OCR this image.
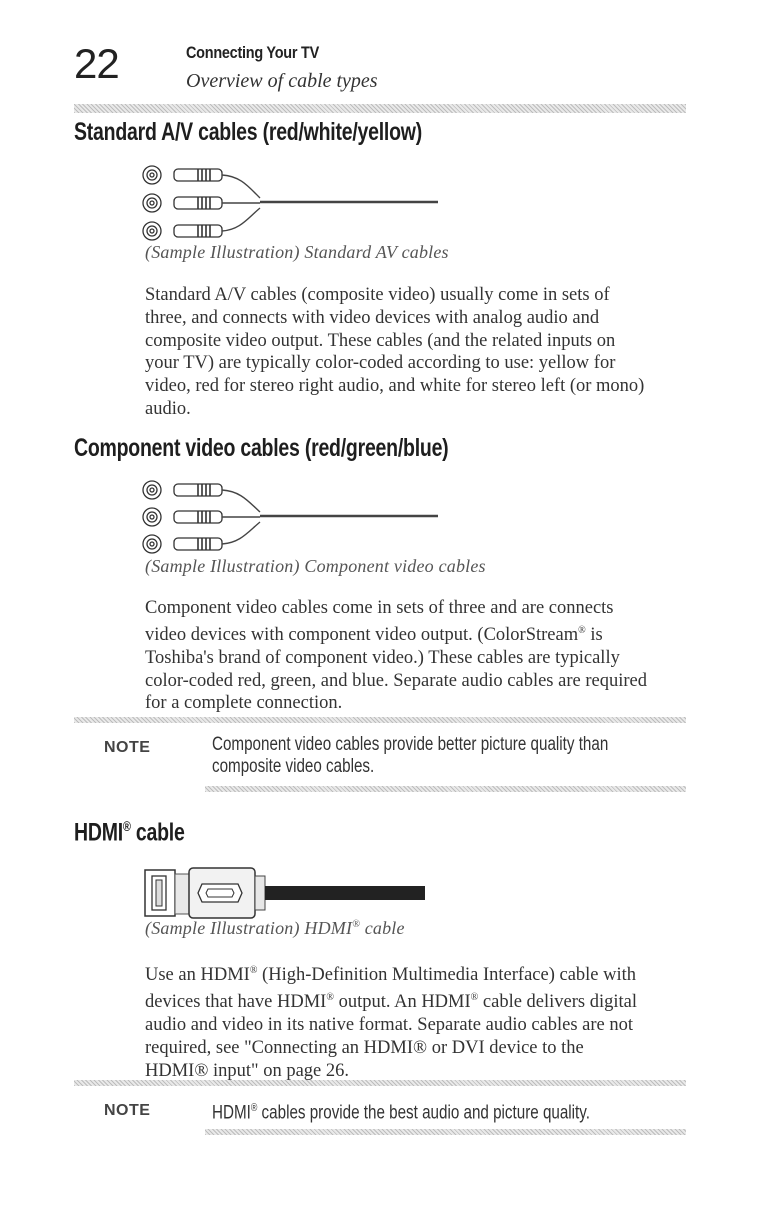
22	Connecting Your TV
Overview of cable types
Standard A/V cables (red/white/yellow)
(Sample Illustration) Standard AV cables
Standard A/V cables (composite video) usually come in sets of
three, and connects with video devices with analog audio and
composite video output. These cables (and the related inputs on
your TV) are typically color-coded according to use: yellow for
video, red for stereo right audio, and white for stereo left (or mono)
audio.
Component video cables (red/green/blue)
(Sample Illustration) Component video cables
Component video cables come in sets of three and are connects
video devices with component video output. (ColorStream® is
Toshiba's brand of component video.) These cables are typically
color-coded red, green, and blue. Separate audio cables are required
for a complete connection.
NOTE	Component video cables provide better picture quality than
composite video cables.
HDMI® cable
(Sample Illustration) HDMI® cable
Use an HDMI® (High-Definition Multimedia Interface) cable with
devices that have HDMI® output. An HDMI® cable delivers digital
audio and video in its native format. Separate audio cables are not
required, see "Connecting an HDMI® or DVI device to the
HDMI® input" on page 26.
NOTE	HDMI® cables provide the best audio and picture quality.
